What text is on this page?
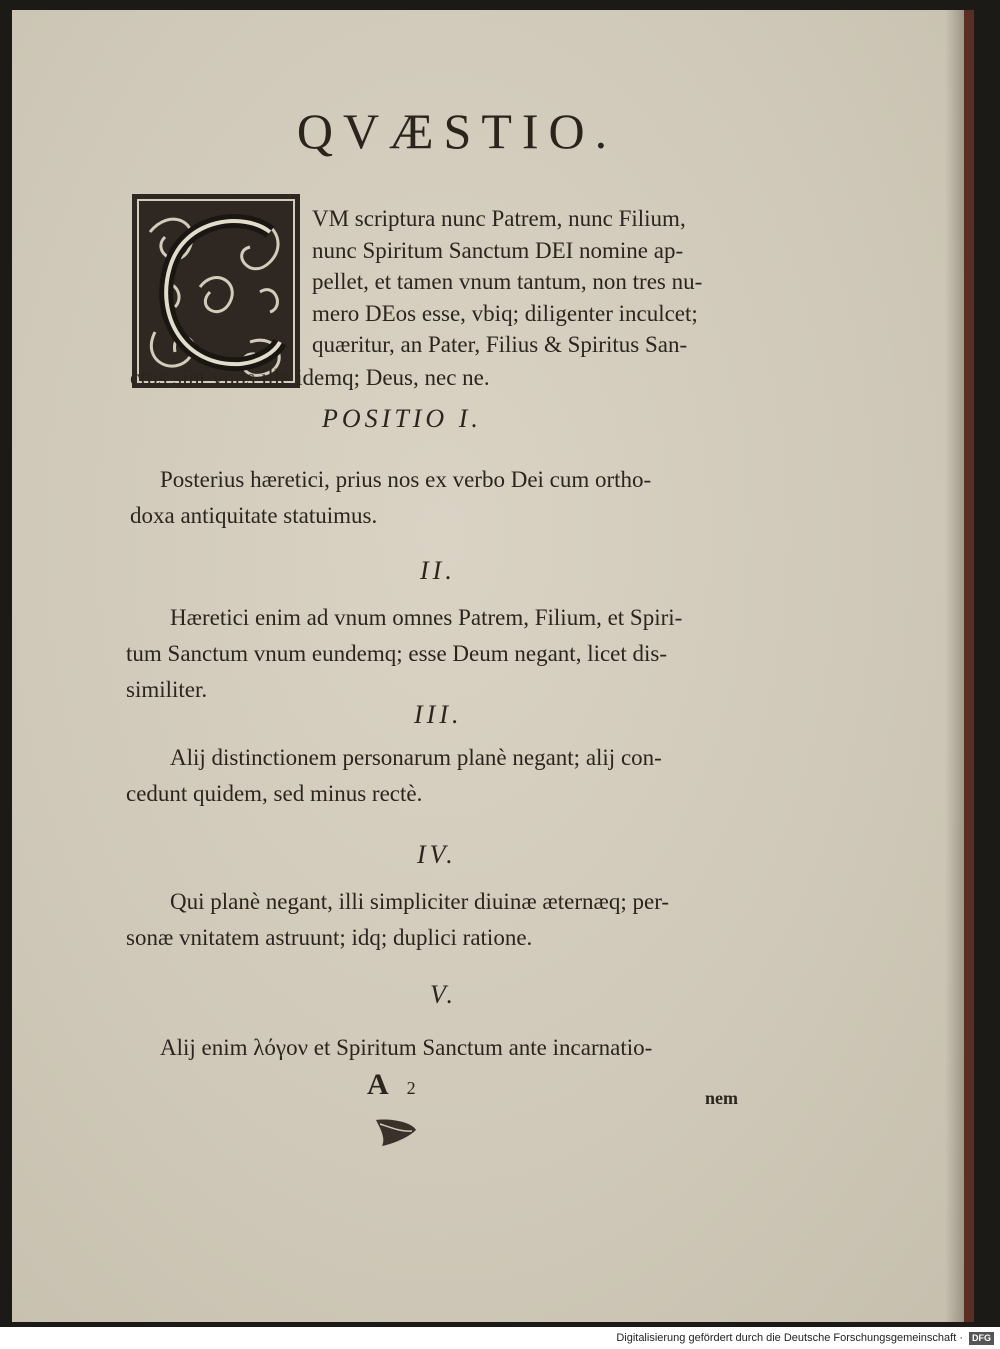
QVÆSTIO.
VM scriptura nunc Patrem, nunc Filium,
nunc Spiritum Sanctum DEI nomine ap-
pellet, et tamen vnum tantum, non tres nu-
mero DEos esse, vbiq; diligenter inculcet;
quæritur, an Pater, Filius & Spiritus San-
ctus sint vnus ille idemq; Deus, nec ne.
POSITIO I.
Posterius hæretici, prius nos ex verbo Dei cum ortho-
doxa antiquitate statuimus.
II.
Hæretici enim ad vnum omnes Patrem, Filium, et Spiri-
tum Sanctum vnum eundemq; esse Deum negant, licet dis-
similiter.
III.
Alij distinctionem personarum planè negant; alij con-
cedunt quidem, sed minus rectè.
IV.
Qui planè negant, illi simpliciter diuinæ æternæq; per-
sonæ vnitatem astruunt; idq; duplici ratione.
V.
Alij enim λόγον et Spiritum Sanctum ante incarnatio-
A 2	nem
Digitalisierung gefördert durch die Deutsche Forschungsgemeinschaft · DFG
